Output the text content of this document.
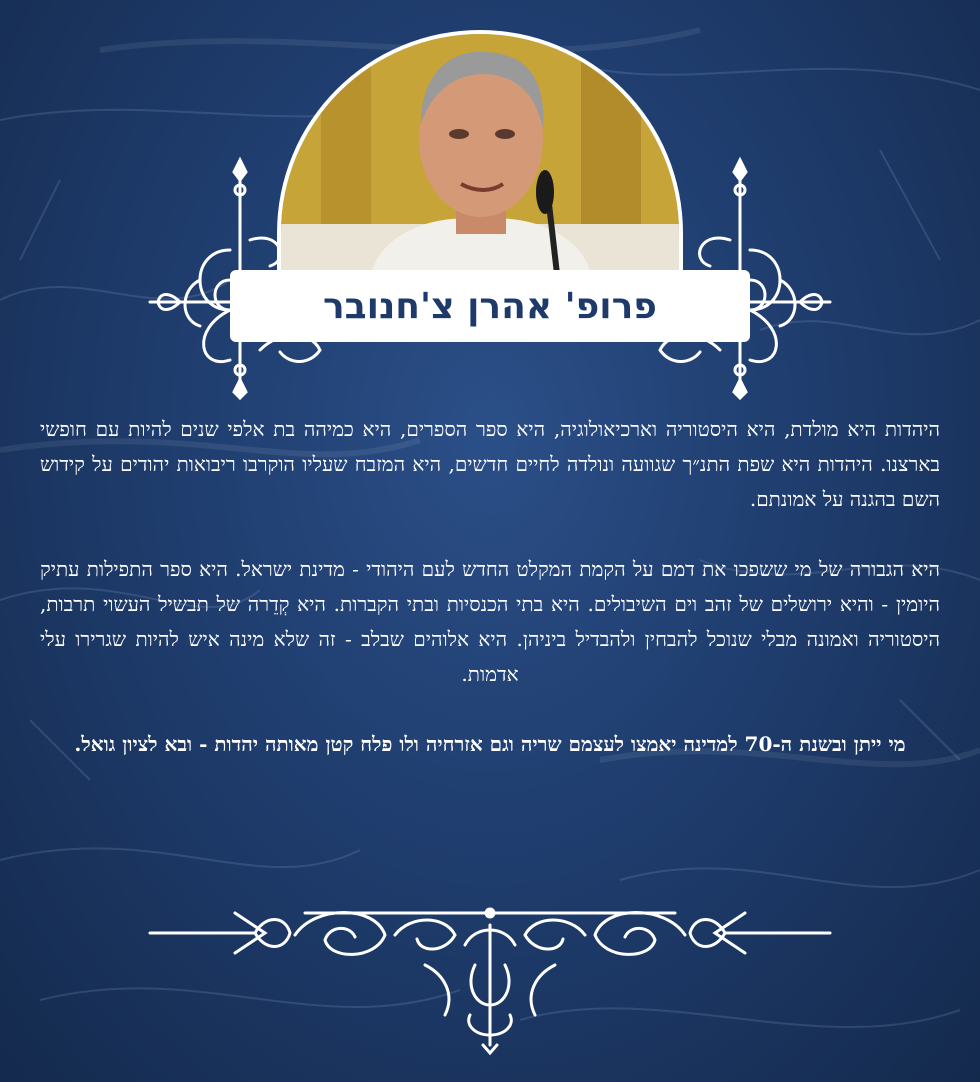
פרופ' אהרן צ'חנובר

היהדות היא מולדת, היא היסטוריה וארכיאולוגיה, היא ספר הספרים, היא כמיהה בת אלפי שנים להיות עם חופשי בארצנו. היהדות היא שפת התנ״ך שגוועה ונולדה לחיים חדשים, היא המזבח שעליו הוקרבו ריבואות יהודים על קידוש השם בהגנה על אמונתם.

היא הגבורה של מי ששפכו את דמם על הקמת המקלט החדש לעם היהודי - מדינת ישראל. היא ספר התפילות עתיק היומין - והיא ירושלים של זהב וים השיבולים. היא בתי הכנסיות ובתי הקברות. היא קְדֵרה של תבשיל העשוי תרבות, היסטוריה ואמונה מבלי שנוכל להבחין ולהבדיל ביניהן. היא אלוהים שבלב - זה שלא מינה איש להיות שגרירו עלי אדמות.

מי ייתן ובשנת ה-70 למדינה יאמצו לעצמם שריה וגם אזרחיה ולו פלח קטן מאותה יהדות - ובא לציון גואל.
